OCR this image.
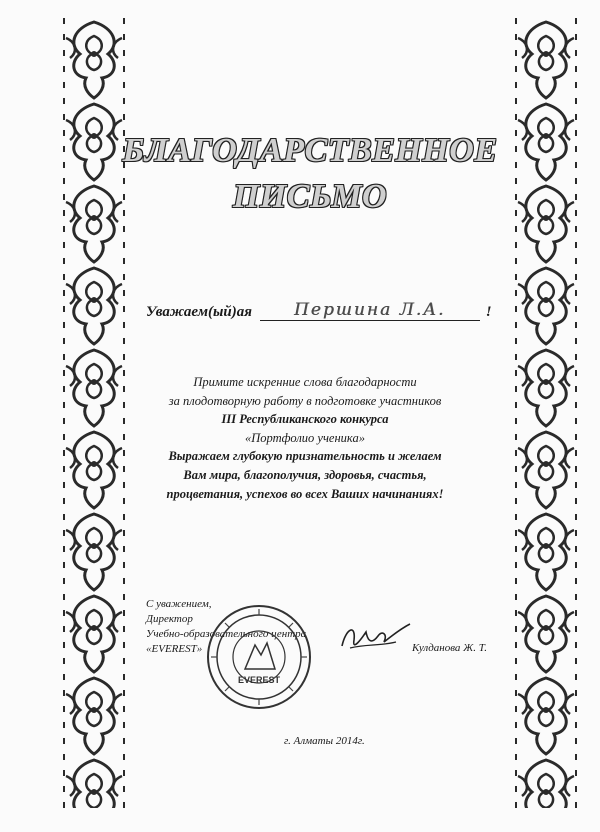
БЛАГОДАРСТВЕННОЕ
ПИСЬМО
Уважаем(ый)ая Першина Л.А.	!
Примите искренние слова благодарности
за плодотворную работу в подготовке участников
III Республиканского конкурса
«Портфолио ученика»
Выражаем глубокую признательность и желаем
Вам мира, благополучия, здоровья, счастья,
процветания, успехов во всех Ваших начинаниях!
С уважением,
Директор
Учебно-образовательного центра
«EVEREST»
EVEREST
Кулданова Ж. Т.
г. Алматы 2014г.
